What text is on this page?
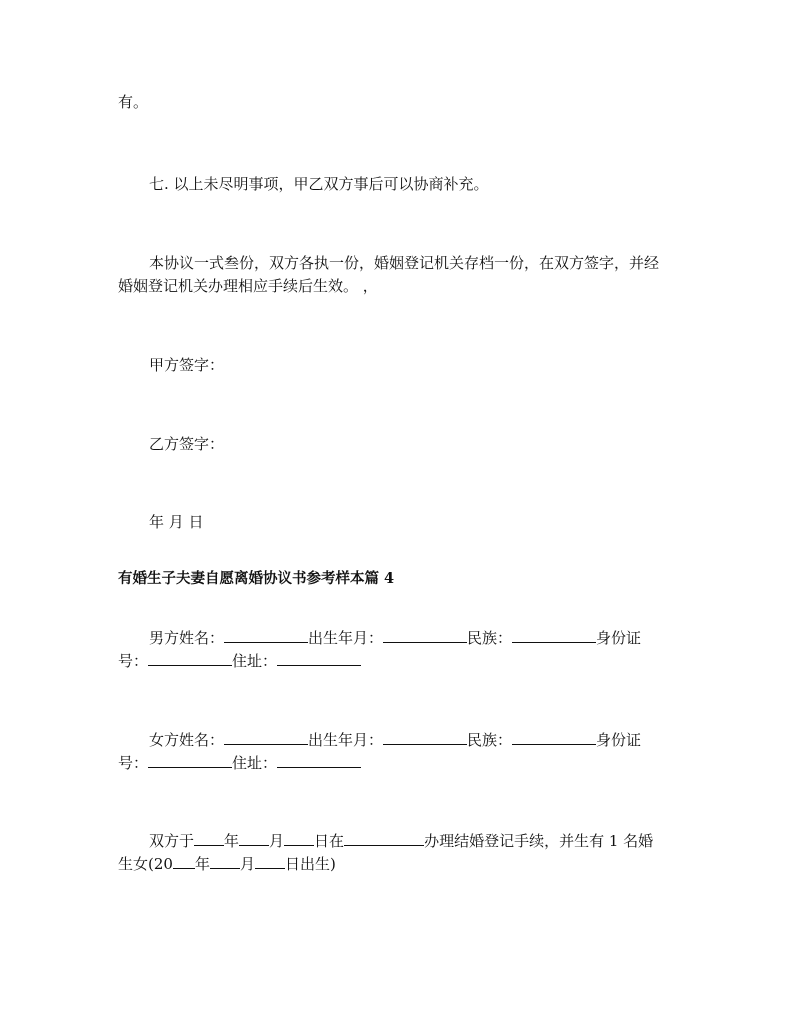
有。
七. 以上未尽明事项，甲乙双方事后可以协商补充。
本协议一式叁份，双方各执一份，婚姻登记机关存档一份，在双方签字，并经
婚姻登记机关办理相应手续后生效。 ，
甲方签字：
乙方签字：
年 月 日
有婚生子夫妻自愿离婚协议书参考样本篇 4
男方姓名：	出生年月：	民族：	身份证
号：	住址：
女方姓名：	出生年月：	民族：	身份证
号：	住址：
双方于 年 月 日在	办理结婚登记手续，并生有 1 名婚
生女(20 年 月 日出生)
